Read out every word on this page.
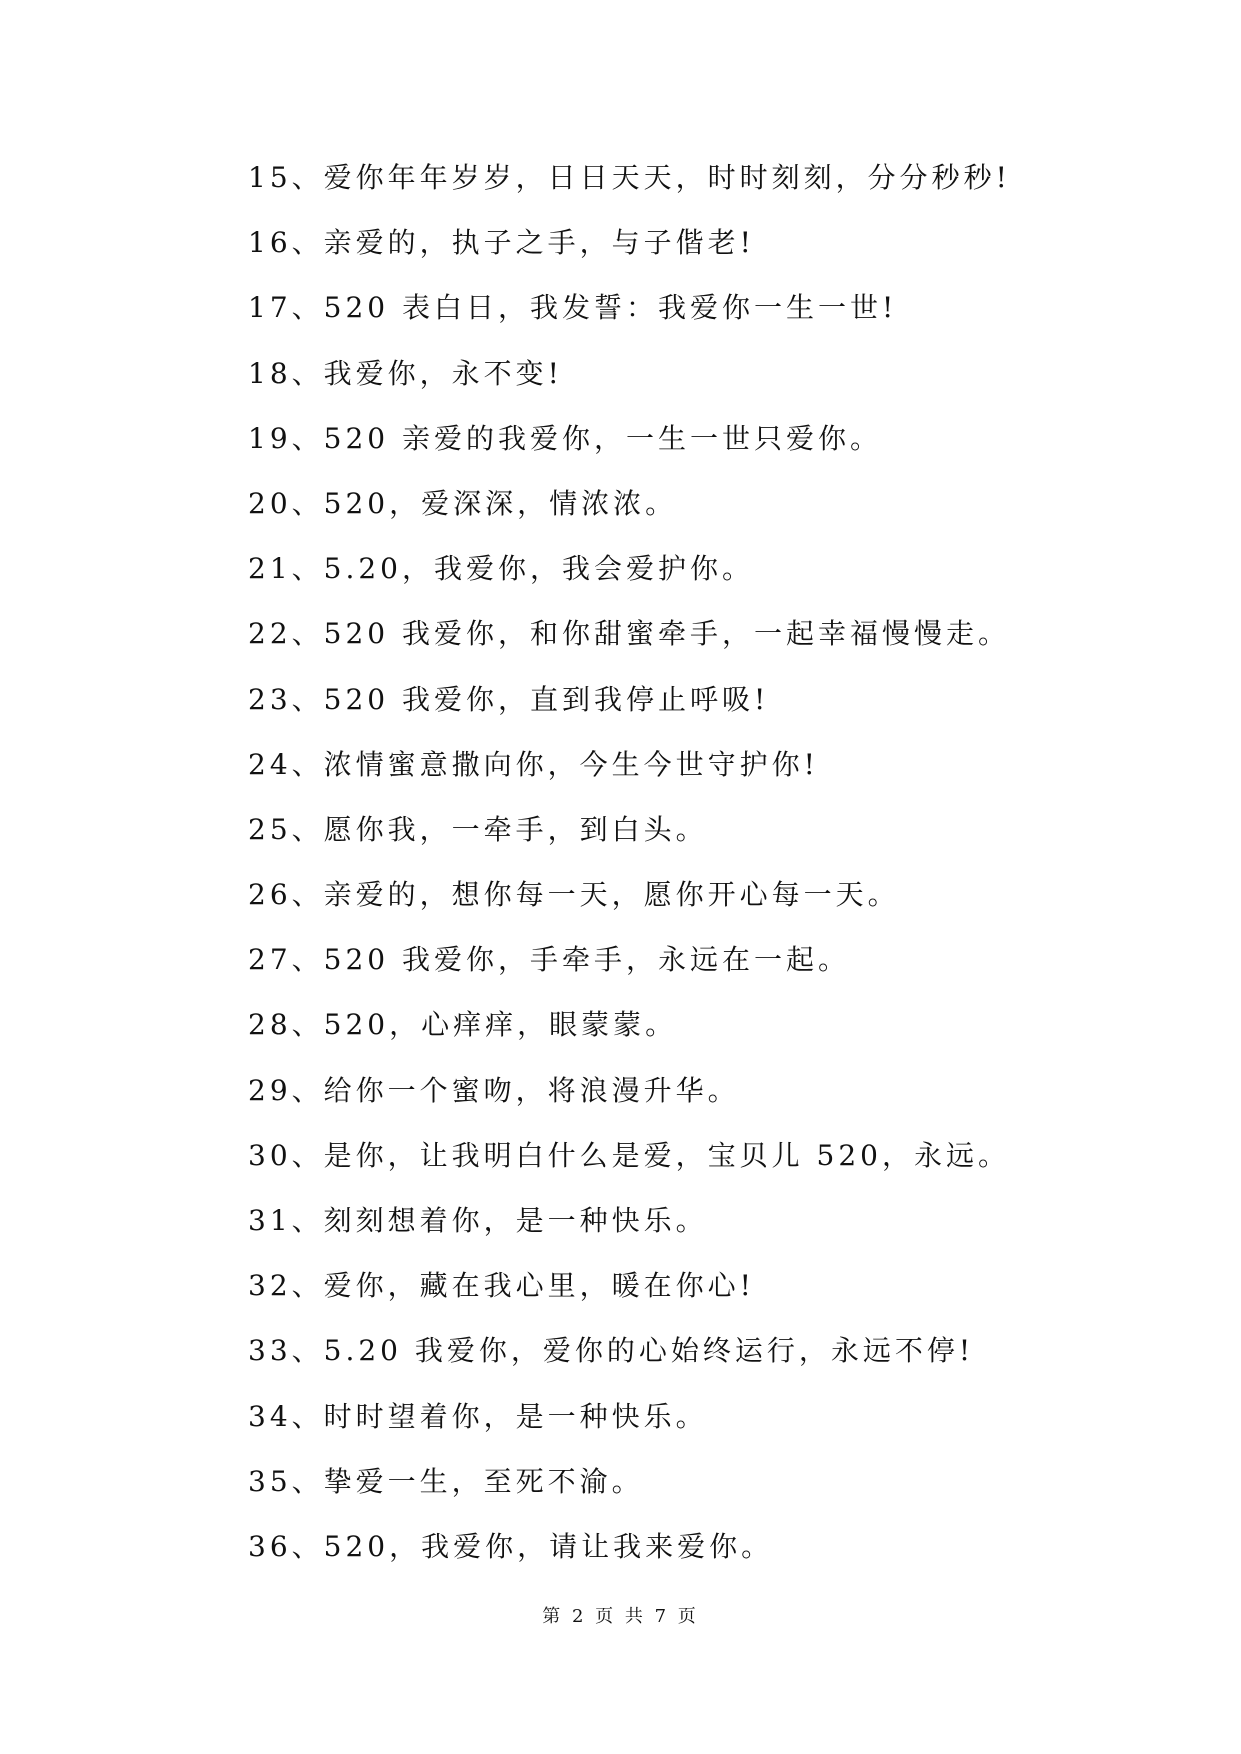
15、爱你年年岁岁，日日天天，时时刻刻，分分秒秒!
16、亲爱的，执子之手，与子偕老!
17、520 表白日，我发誓：我爱你一生一世!
18、我爱你，永不变!
19、520 亲爱的我爱你，一生一世只爱你。
20、520，爱深深，情浓浓。
21、5.20，我爱你，我会爱护你。
22、520 我爱你，和你甜蜜牵手，一起幸福慢慢走。
23、520 我爱你，直到我停止呼吸!
24、浓情蜜意撒向你，今生今世守护你!
25、愿你我，一牵手，到白头。
26、亲爱的，想你每一天，愿你开心每一天。
27、520 我爱你，手牵手，永远在一起。
28、520，心痒痒，眼蒙蒙。
29、给你一个蜜吻，将浪漫升华。
30、是你，让我明白什么是爱，宝贝儿 520，永远。
31、刻刻想着你，是一种快乐。
32、爱你，藏在我心里，暖在你心!
33、5.20 我爱你，爱你的心始终运行，永远不停!
34、时时望着你，是一种快乐。
35、挚爱一生，至死不渝。
36、520，我爱你，请让我来爱你。
第 2 页 共 7 页
